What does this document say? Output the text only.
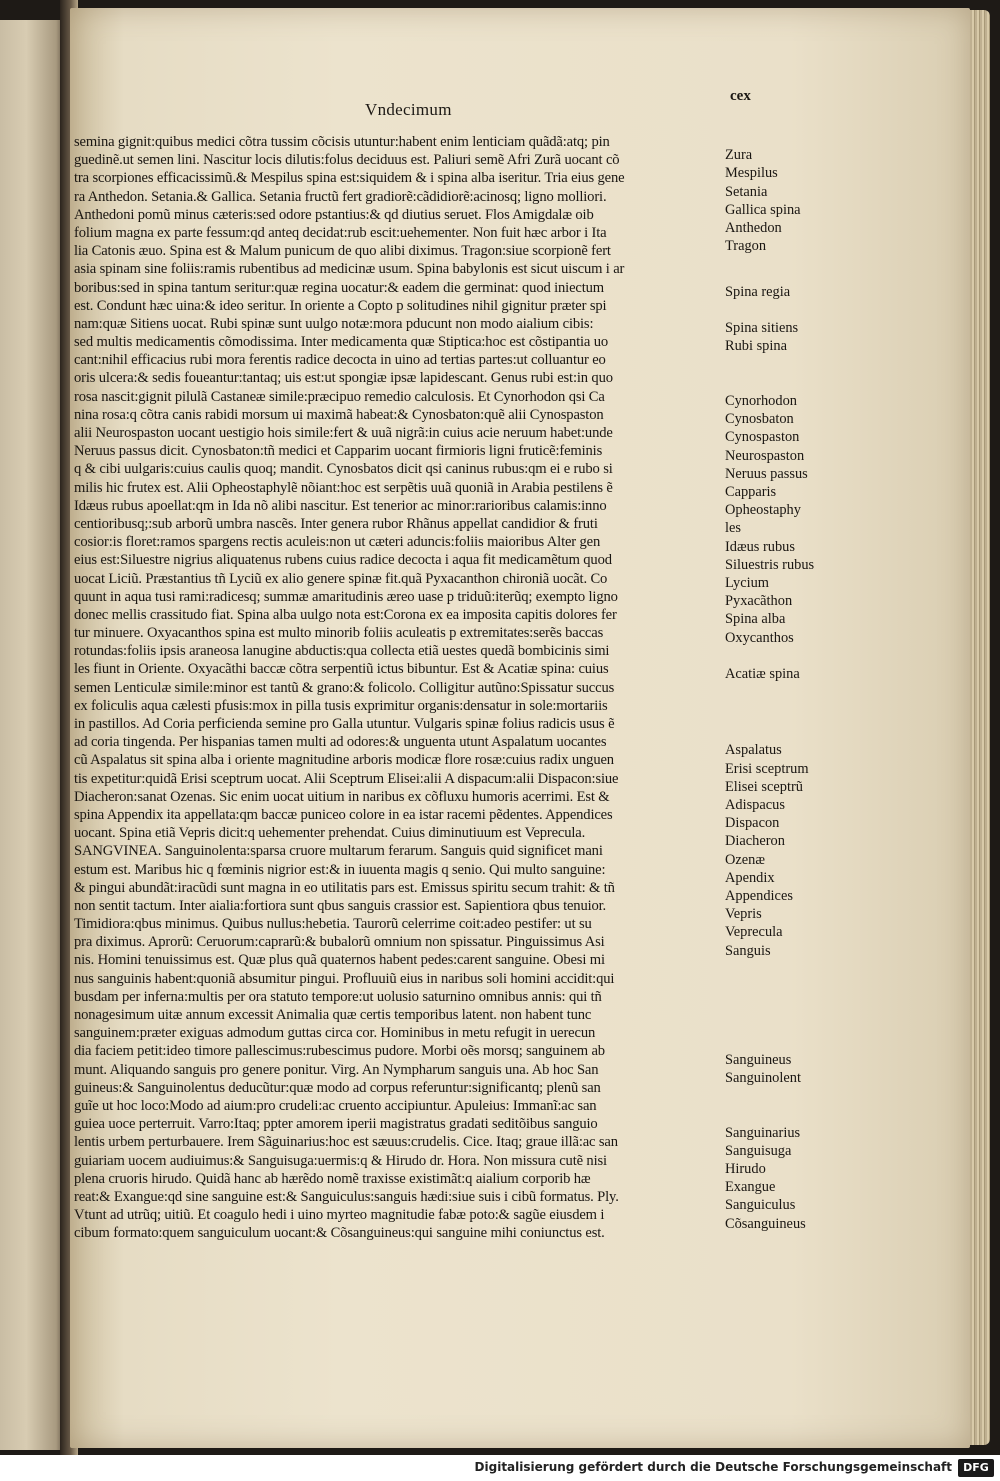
Vndecimum
cex
semina gignit:quibus medici cõtra tussim cõcisis utuntur:habent enim lenticiam quãdã:atq; pin
guedinẽ.ut semen lini. Nascitur locis dilutis:folus deciduus est. Paliuri semẽ Afri Zurã uocant cõ
tra scorpiones efficacissimũ.& Mespilus spina est:siquidem & i spina alba iseritur. Tria eius gene
ra Anthedon. Setania.& Gallica. Setania fructũ fert gradiorẽ:cãdidiorẽ:acinosq; ligno molliori.
Anthedoni pomũ minus cæteris:sed odore pstantius:& qd diutius seruet. Flos Amigdalæ oib
folium magna ex parte fessum:qd anteq decidat:rub escit:uehementer. Non fuit hæc arbor i Ita
lia Catonis æuo. Spina est & Malum punicum de quo alibi diximus. Tragon:siue scorpionẽ fert
asia spinam sine foliis:ramis rubentibus ad medicinæ usum. Spina babylonis est sicut uiscum i ar
boribus:sed in spina tantum seritur:quæ regina uocatur:& eadem die germinat: quod iniectum
est. Condunt hæc uina:& ideo seritur. In oriente a Copto p solitudines nihil gignitur præter spi
nam:quæ Sitiens uocat. Rubi spinæ sunt uulgo notæ:mora pducunt non modo aialium cibis:
sed multis medicamentis cõmodissima. Inter medicamenta quæ Stiptica:hoc est cõstipantia uo
cant:nihil efficacius rubi mora ferentis radice decocta in uino ad tertias partes:ut colluantur eo
oris ulcera:& sedis foueantur:tantaq; uis est:ut spongiæ ipsæ lapidescant. Genus rubi est:in quo
rosa nascit:gignit pilulã Castaneæ simile:præcipuo remedio calculosis. Et Cynorhodon qsi Ca
nina rosa:q cõtra canis rabidi morsum ui maximã habeat:& Cynosbaton:quẽ alii Cynospaston
alii Neurospaston uocant uestigio hois simile:fert & uuã nigrã:in cuius acie neruum habet:unde
Neruus passus dicit. Cynosbaton:tñ medici et Capparim uocant firmioris ligni fruticẽ:feminis
q & cibi uulgaris:cuius caulis quoq; mandit. Cynosbatos dicit qsi caninus rubus:qm ei e rubo si
milis hic frutex est. Alii Opheostaphylẽ nõiant:hoc est serpẽtis uuã quoniã in Arabia pestilens ẽ
Idæus rubus apoellat:qm in Ida nõ alibi nascitur. Est tenerior ac minor:rarioribus calamis:inno
centioribusq;:sub arborũ umbra nascẽs. Inter genera rubor Rhãnus appellat candidior & fruti
cosior:is floret:ramos spargens rectis aculeis:non ut cæteri aduncis:foliis maioribus Alter gen
eius est:Siluestre nigrius aliquatenus rubens cuius radice decocta i aqua fit medicamẽtum quod
uocat Liciũ. Præstantius tñ Lyciũ ex alio genere spinæ fit.quã Pyxacanthon chironiã uocãt. Co
quunt in aqua tusi rami:radicesq; summæ amaritudinis æreo uase p triduũ:iterũq; exempto ligno
donec mellis crassitudo fiat. Spina alba uulgo nota est:Corona ex ea imposita capitis dolores fer
tur minuere. Oxyacanthos spina est multo minorib foliis aculeatis p extremitates:serẽs baccas
rotundas:foliis ipsis araneosa lanugine abductis:qua collecta etiã uestes quedã bombicinis simi
les fiunt in Oriente. Oxyacãthi baccæ cõtra serpentiũ ictus bibuntur. Est & Acatiæ spina: cuius
semen Lenticulæ simile:minor est tantũ & grano:& folicolo. Colligitur autũno:Spissatur succus
ex foliculis aqua cælesti pfusis:mox in pilla tusis exprimitur organis:densatur in sole:mortariis
in pastillos. Ad Coria perficienda semine pro Galla utuntur. Vulgaris spinæ folius radicis usus ẽ
ad coria tingenda. Per hispanias tamen multi ad odores:& unguenta utunt Aspalatum uocantes
cũ Aspalatus sit spina alba i oriente magnitudine arboris modicæ flore rosæ:cuius radix unguen
tis expetitur:quidã Erisi sceptrum uocat. Alii Sceptrum Elisei:alii A dispacum:alii Dispacon:siue
Diacheron:sanat Ozenas. Sic enim uocat uitium in naribus ex cõfluxu humoris acerrimi. Est &
spina Appendix ita appellata:qm baccæ puniceo colore in ea istar racemi pẽdentes. Appendices
uocant. Spina etiã Vepris dicit:q uehementer prehendat. Cuius diminutiuum est Veprecula.
SANGVINEA. Sanguinolenta:sparsa cruore multarum ferarum. Sanguis quid significet mani
estum est. Maribus hic q fœminis nigrior est:& in iuuenta magis q senio. Qui multo sanguine:
& pingui abundãt:iracũdi sunt magna in eo utilitatis pars est. Emissus spiritu secum trahit: & tñ
non sentit tactum. Inter aialia:fortiora sunt qbus sanguis crassior est. Sapientiora qbus tenuior.
Timidiora:qbus minimus. Quibus nullus:hebetia. Taurorũ celerrime coit:adeo pestifer: ut su
pra diximus. Aprorũ: Ceruorum:caprarũ:& bubalorũ omnium non spissatur. Pinguissimus Asi
nis. Homini tenuissimus est. Quæ plus quã quaternos habent pedes:carent sanguine. Obesi mi
nus sanguinis habent:quoniã absumitur pingui. Profluuiũ eius in naribus soli homini accidit:qui
busdam per inferna:multis per ora statuto tempore:ut uolusio saturnino omnibus annis: qui tñ
nonagesimum uitæ annum excessit Animalia quæ certis temporibus latent. non habent tunc
sanguinem:præter exiguas admodum guttas circa cor. Hominibus in metu refugit in uerecun
dia faciem petit:ideo timore pallescimus:rubescimus pudore. Morbi oẽs morsq; sanguinem ab
munt. Aliquando sanguis pro genere ponitur. Virg. An Nympharum sanguis una. Ab hoc San
guineus:& Sanguinolentus deducũtur:quæ modo ad corpus referuntur:significantq; plenũ san
guĩe ut hoc loco:Modo ad aium:pro crudeli:ac cruento accipiuntur. Apuleius: Immanĩ:ac san
guiea uoce perterruit. Varro:Itaq; ppter amorem iperii magistratus gradati seditõibus sanguio
lentis urbem perturbauere. Irem Sãguinarius:hoc est sæuus:crudelis. Cice. Itaq; graue illã:ac san
guiariam uocem audiuimus:& Sanguisuga:uermis:q & Hirudo dr. Hora. Non missura cutẽ nisi
plena cruoris hirudo. Quidã hanc ab hærẽdo nomẽ traxisse existimãt:q aialium corporib hæ
reat:& Exangue:qd sine sanguine est:& Sanguiculus:sanguis hædi:siue suis i cibũ formatus. Ply.
Vtunt ad utrũq; uitiũ. Et coagulo hedi i uino myrteo magnitudie fabæ poto:& sagũe eiusdem i
cibum formato:quem sanguiculum uocant:& Cõsanguineus:qui sanguine mihi coniunctus est.
Zura
Mespilus
Setania
Gallica spina
Anthedon
Tragon
Spina regia
Spina sitiens
Rubi spina
Cynorhodon
Cynosbaton
Cynospaston
Neurospaston
Neruus passus
Capparis
Opheostaphy
les
Idæus rubus
Siluestris rubus
Lycium
Pyxacãthon
Spina alba
Oxycanthos
Acatiæ spina
Aspalatus
Erisi sceptrum
Elisei sceptrũ
Adispacus
Dispacon
Diacheron
Ozenæ
Apendix
Appendices
Vepris
Veprecula
Sanguis
Sanguineus
Sanguinolent
Sanguinarius
Sanguisuga
Hirudo
Exangue
Sanguiculus
Cõsanguineus
Digitalisierung gefördert durch die Deutsche Forschungsgemeinschaft	DFG
